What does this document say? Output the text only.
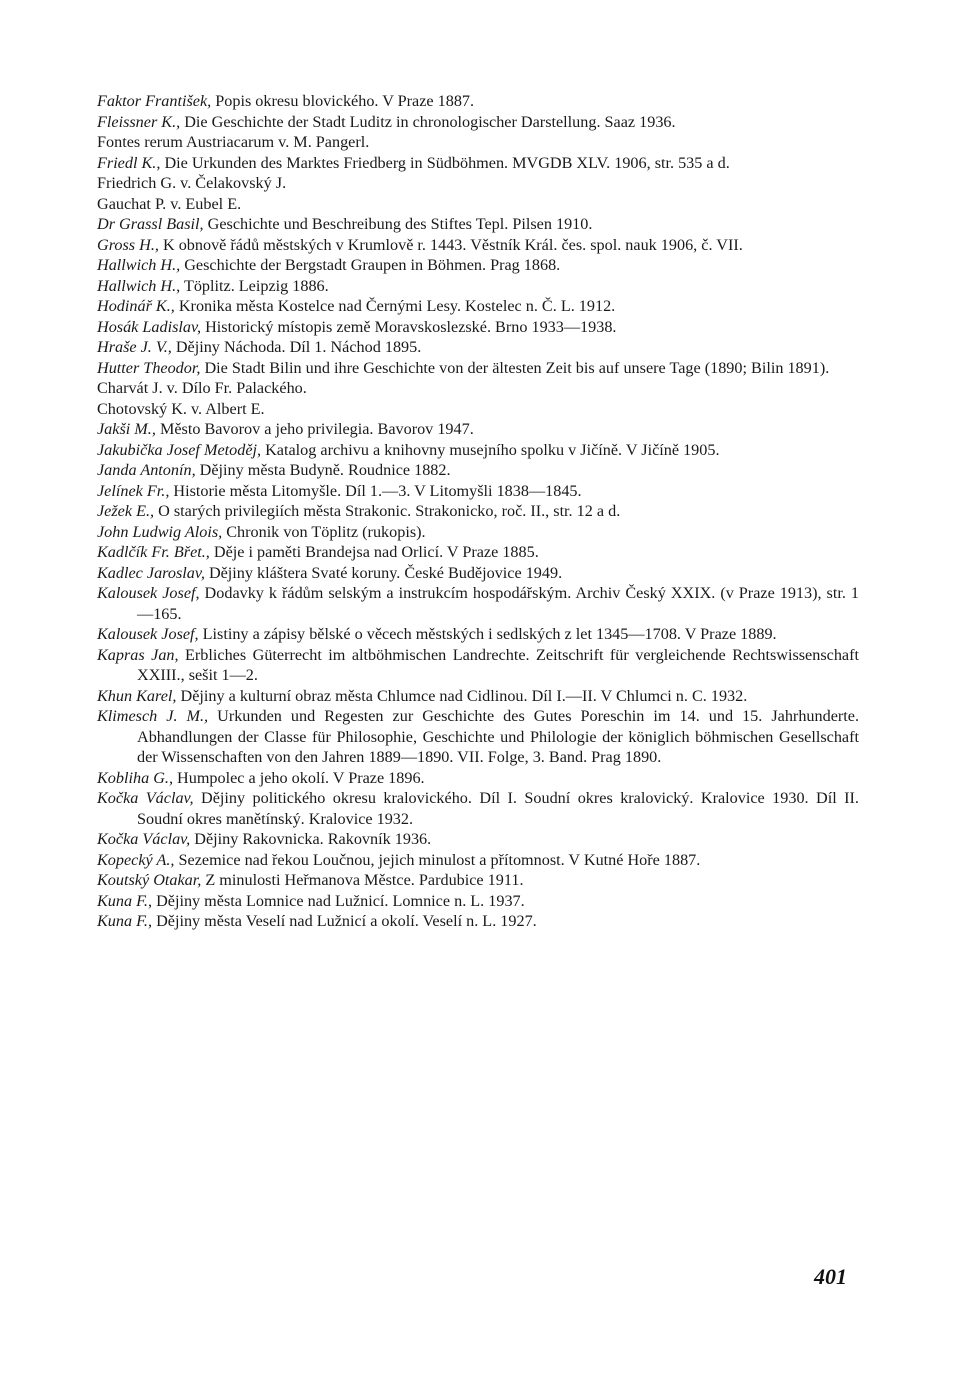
Faktor František, Popis okresu blovického. V Praze 1887.
Fleissner K., Die Geschichte der Stadt Luditz in chronologischer Darstellung. Saaz 1936.
Fontes rerum Austriacarum v. M. Pangerl.
Friedl K., Die Urkunden des Marktes Friedberg in Südböhmen. MVGDB XLV. 1906, str. 535 a d.
Friedrich G. v. Čelakovský J.
Gauchat P. v. Eubel E.
Dr Grassl Basil, Geschichte und Beschreibung des Stiftes Tepl. Pilsen 1910.
Gross H., K obnově řádů městských v Krumlově r. 1443. Věstník Král. čes. spol. nauk 1906, č. VII.
Hallwich H., Geschichte der Bergstadt Graupen in Böhmen. Prag 1868.
Hallwich H., Töplitz. Leipzig 1886.
Hodinář K., Kronika města Kostelce nad Černými Lesy. Kostelec n. Č. L. 1912.
Hosák Ladislav, Historický místopis země Moravskoslezské. Brno 1933—1938.
Hraše J. V., Dějiny Náchoda. Díl 1. Náchod 1895.
Hutter Theodor, Die Stadt Bilin und ihre Geschichte von der ältesten Zeit bis auf unsere Tage (1890; Bilin 1891).
Charvát J. v. Dílo Fr. Palackého.
Chotovský K. v. Albert E.
Jakši M., Město Bavorov a jeho privilegia. Bavorov 1947.
Jakubička Josef Metoděj, Katalog archivu a knihovny musejního spolku v Jičíně. V Jičíně 1905.
Janda Antonín, Dějiny města Budyně. Roudnice 1882.
Jelínek Fr., Historie města Litomyšle. Díl 1.—3. V Litomyšli 1838—1845.
Ježek E., O starých privilegiích města Strakonic. Strakonicko, roč. II., str. 12 a d.
John Ludwig Alois, Chronik von Töplitz (rukopis).
Kadlčík Fr. Břet., Děje i paměti Brandejsa nad Orlicí. V Praze 1885.
Kadlec Jaroslav, Dějiny kláštera Svaté koruny. České Budějovice 1949.
Kalousek Josef, Dodavky k řádům selským a instrukcím hospodářským. Archiv Český XXIX. (v Praze 1913), str. 1—165.
Kalousek Josef, Listiny a zápisy bělské o věcech městských i sedlských z let 1345—1708. V Praze 1889.
Kapras Jan, Erbliches Güterrecht im altböhmischen Landrechte. Zeitschrift für vergleichende Rechtswissenschaft XXIII., sešit 1—2.
Khun Karel, Dějiny a kulturní obraz města Chlumce nad Cidlinou. Díl I.—II. V Chlumci n. C. 1932.
Klimesch J. M., Urkunden und Regesten zur Geschichte des Gutes Poreschin im 14. und 15. Jahrhunderte. Abhandlungen der Classe für Philosophie, Geschichte und Philologie der königlich böhmischen Gesellschaft der Wissenschaften von den Jahren 1889—1890. VII. Folge, 3. Band. Prag 1890.
Kobliha G., Humpolec a jeho okolí. V Praze 1896.
Kočka Václav, Dějiny politického okresu kralovického. Díl I. Soudní okres kralovický. Kralovice 1930. Díl II. Soudní okres manětínský. Kralovice 1932.
Kočka Václav, Dějiny Rakovnicka. Rakovník 1936.
Kopecký A., Sezemice nad řekou Loučnou, jejich minulost a přítomnost. V Kutné Hoře 1887.
Koutský Otakar, Z minulosti Heřmanova Městce. Pardubice 1911.
Kuna F., Dějiny města Lomnice nad Lužnicí. Lomnice n. L. 1937.
Kuna F., Dějiny města Veselí nad Lužnicí a okolí. Veselí n. L. 1927.
401
